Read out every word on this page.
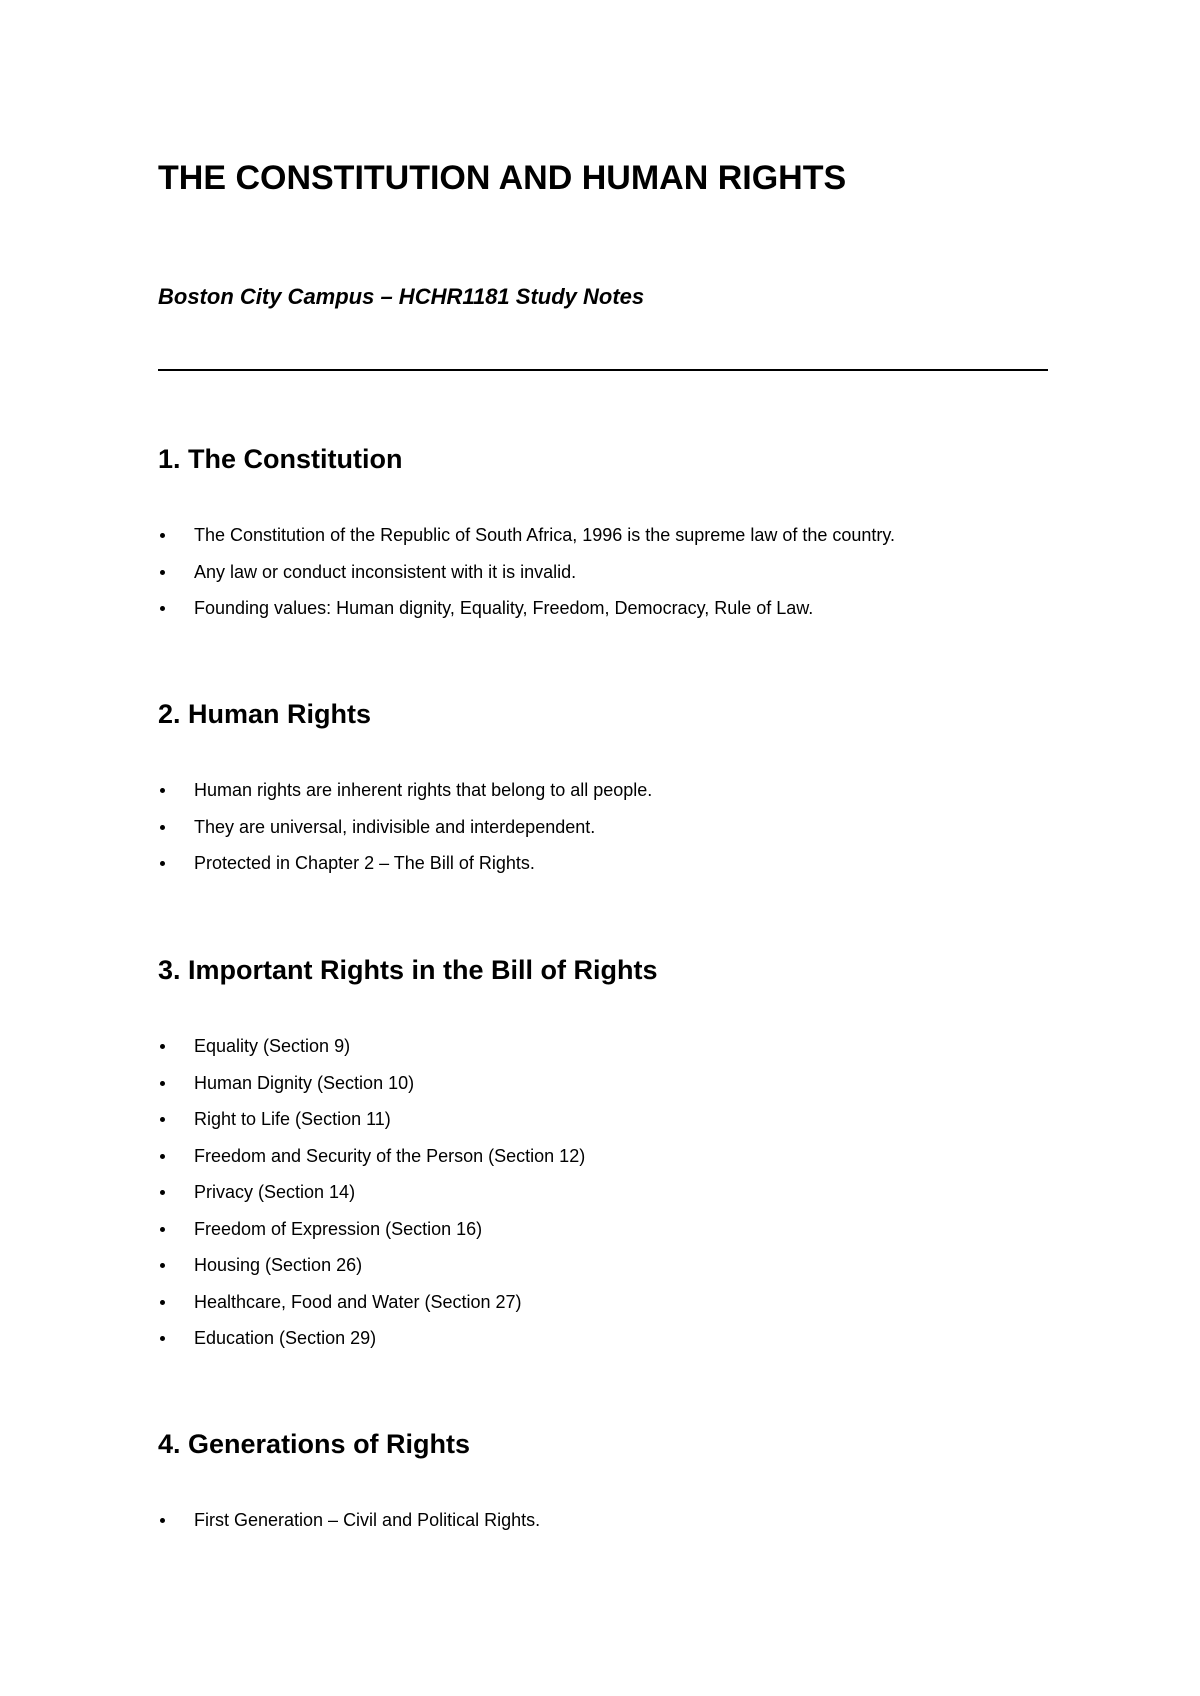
THE CONSTITUTION AND HUMAN RIGHTS

Boston City Campus – HCHR1181 Study Notes

1. The Constitution
The Constitution of the Republic of South Africa, 1996 is the supreme law of the country.
Any law or conduct inconsistent with it is invalid.
Founding values: Human dignity, Equality, Freedom, Democracy, Rule of Law.
2. Human Rights
Human rights are inherent rights that belong to all people.
They are universal, indivisible and interdependent.
Protected in Chapter 2 – The Bill of Rights.
3. Important Rights in the Bill of Rights
Equality (Section 9)
Human Dignity (Section 10)
Right to Life (Section 11)
Freedom and Security of the Person (Section 12)
Privacy (Section 14)
Freedom of Expression (Section 16)
Housing (Section 26)
Healthcare, Food and Water (Section 27)
Education (Section 29)
4. Generations of Rights
First Generation – Civil and Political Rights.
